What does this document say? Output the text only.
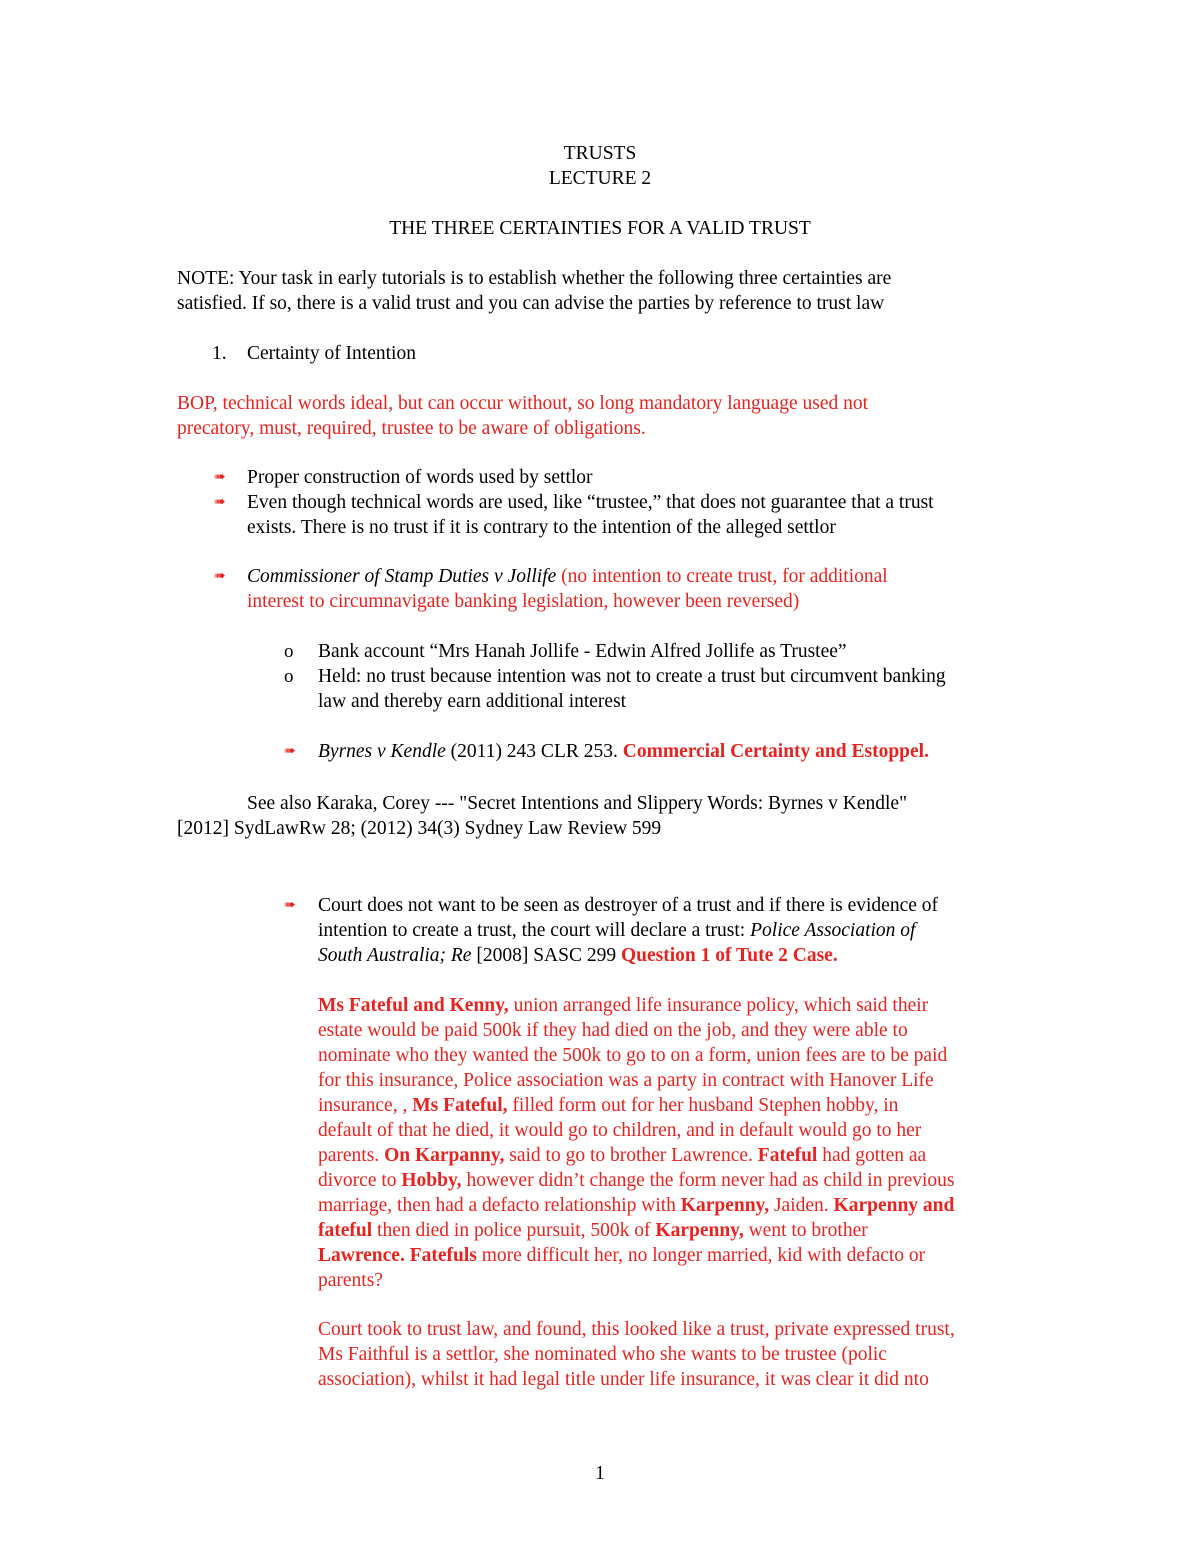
TRUSTS
LECTURE 2
THE THREE CERTAINTIES FOR A VALID TRUST
NOTE: Your task in early tutorials is to establish whether the following three certainties are
satisfied. If so, there is a valid trust and you can advise the parties by reference to trust law
1. Certainty of Intention
BOP, technical words ideal, but can occur without, so long mandatory language used not
precatory, must, required, trustee to be aware of obligations.
➠ Proper construction of words used by settlor
➠ Even though technical words are used, like “trustee,” that does not guarantee that a trust
exists. There is no trust if it is contrary to the intention of the alleged settlor
➠ Commissioner of Stamp Duties v Jollife (no intention to create trust, for additional
interest to circumnavigate banking legislation, however been reversed)
o Bank account “Mrs Hanah Jollife - Edwin Alfred Jollife as Trustee”
o Held: no trust because intention was not to create a trust but circumvent banking
law and thereby earn additional interest
➠ Byrnes v Kendle (2011) 243 CLR 253. Commercial Certainty and Estoppel.
See also Karaka, Corey --- "Secret Intentions and Slippery Words: Byrnes v Kendle"
[2012] SydLawRw 28; (2012) 34(3) Sydney Law Review 599
➠ Court does not want to be seen as destroyer of a trust and if there is evidence of
intention to create a trust, the court will declare a trust: Police Association of
South Australia; Re [2008] SASC 299 Question 1 of Tute 2 Case.
Ms Fateful and Kenny, union arranged life insurance policy, which said their
estate would be paid 500k if they had died on the job, and they were able to
nominate who they wanted the 500k to go to on a form, union fees are to be paid
for this insurance, Police association was a party in contract with Hanover Life
insurance, , Ms Fateful, filled form out for her husband Stephen hobby, in
default of that he died, it would go to children, and in default would go to her
parents. On Karpanny, said to go to brother Lawrence. Fateful had gotten aa
divorce to Hobby, however didn’t change the form never had as child in previous
marriage, then had a defacto relationship with Karpenny, Jaiden. Karpenny and
fateful then died in police pursuit, 500k of Karpenny, went to brother
Lawrence. Fatefuls more difficult her, no longer married, kid with defacto or
parents?
Court took to trust law, and found, this looked like a trust, private expressed trust,
Ms Faithful is a settlor, she nominated who she wants to be trustee (polic
association), whilst it had legal title under life insurance, it was clear it did nto
1
